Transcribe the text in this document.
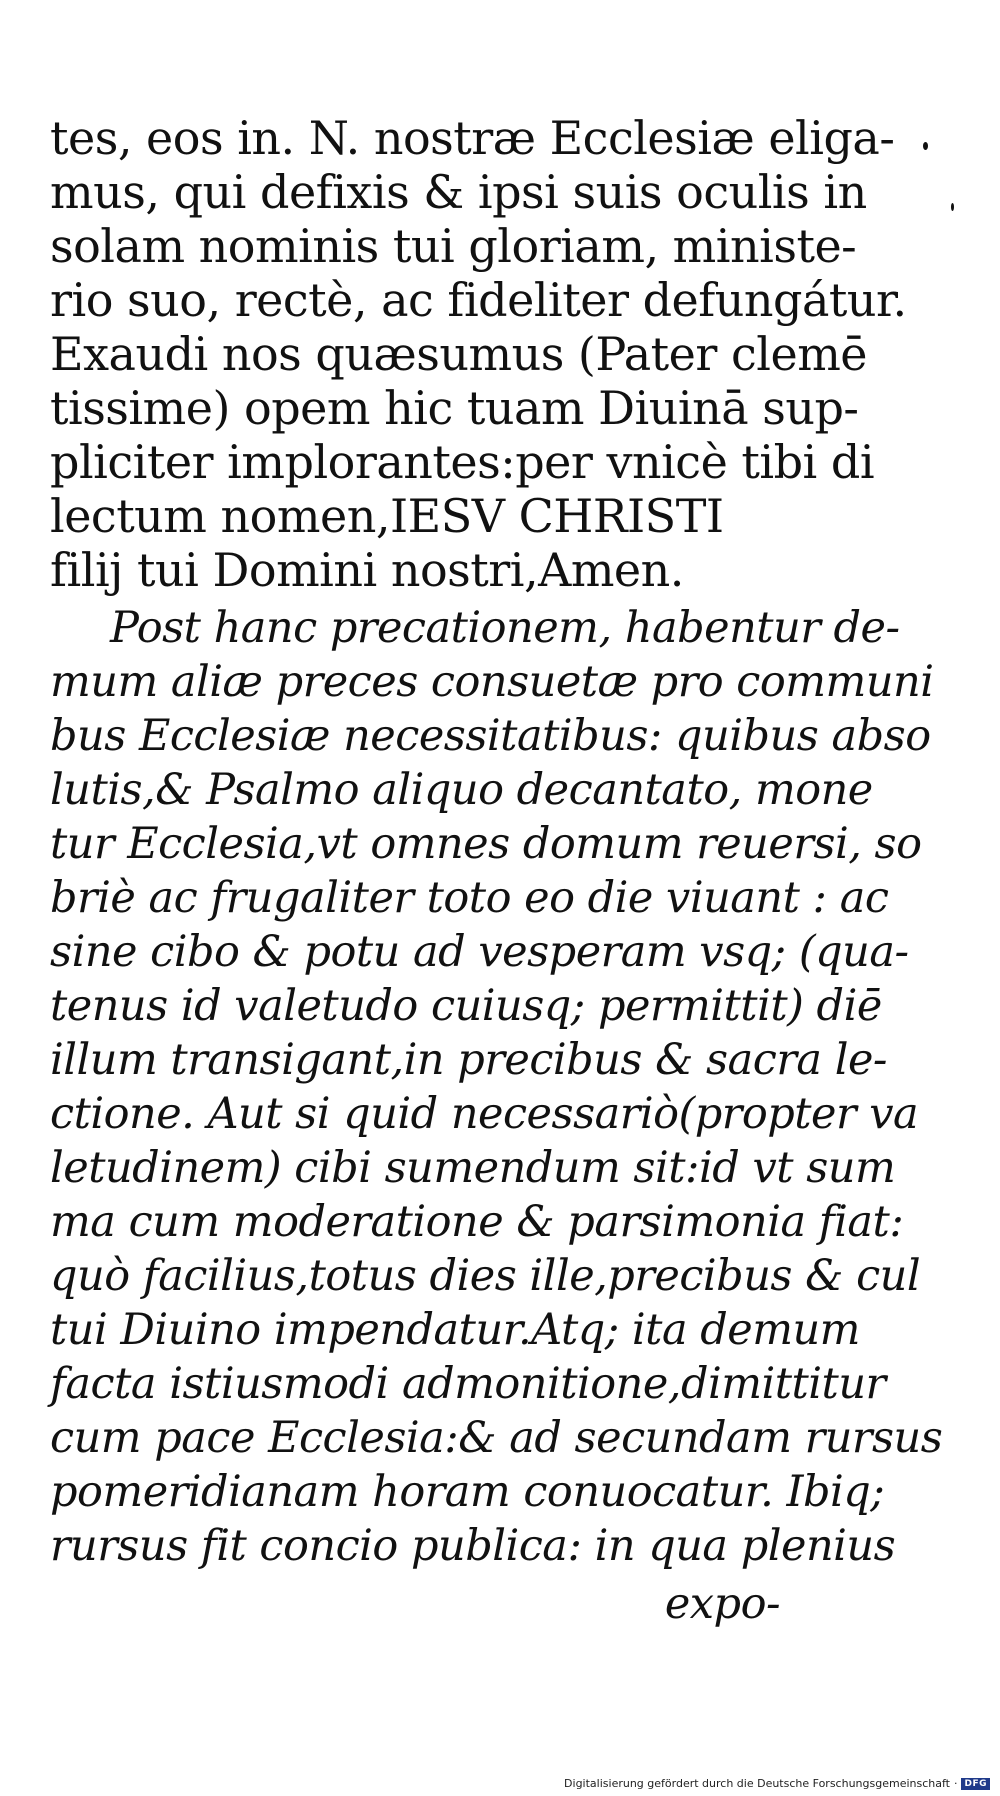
tes, eos in. N. nostræ Ecclesiæ eliga-
mus, qui defixis & ipsi suis oculis in
solam nominis tui gloriam, ministe-
rio suo, rectè, ac fideliter defungátur.
Exaudi nos quæsumus (Pater clemē
tissime) opem hic tuam Diuinā sup-
pliciter implorantes:per vnicè tibi di
lectum nomen,IESV CHRISTI
filij tui Domini nostri,Amen.
Post hanc precationem, habentur de-
mum aliæ preces consuetæ pro communi
bus Ecclesiæ necessitatibus: quibus abso
lutis,& Psalmo aliquo decantato, mone
tur Ecclesia,vt omnes domum reuersi, so
briè ac frugaliter toto eo die viuant : ac
sine cibo & potu ad vesperam vsq; (qua-
tenus id valetudo cuiusq; permittit) diē
illum transigant,in precibus & sacra le-
ctione. Aut si quid necessariò(propter va
letudinem) cibi sumendum sit:id vt sum
ma cum moderatione & parsimonia fiat:
quò facilius,totus dies ille,precibus & cul
tui Diuino impendatur.Atq; ita demum
facta istiusmodi admonitione,dimittitur
cum pace Ecclesia:& ad secundam rursus
pomeridianam horam conuocatur. Ibiq;
rursus fit concio publica: in qua plenius
expo-
Digitalisierung gefördert durch die Deutsche Forschungsgemeinschaft · DFG
